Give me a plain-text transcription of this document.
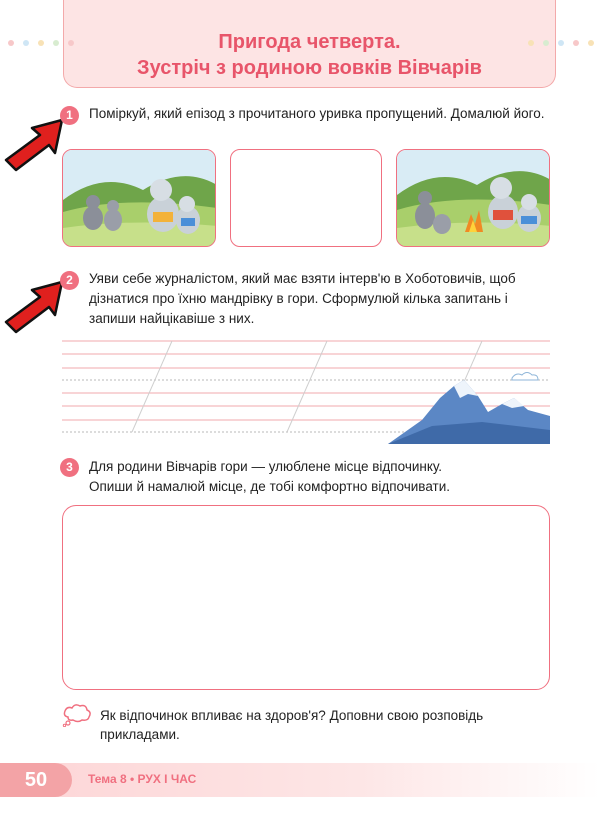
Пригода четверта.
Зустріч з родиною вовків Вівчарів
1	Поміркуй, який епізод з прочитаного уривка пропущений. Домалюй його.
2	Уяви себе журналістом, який має взяти інтерв'ю в Хоботовичів, щоб дізнатися про їхню мандрівку в гори. Сформулюй кілька запитань і запиши найцікавіше з них.
3	Для родини Вівчарів гори — улюблене місце відпочинку.
Опиши й намалюй місце, де тобі комфортно відпочивати.
Як відпочинок впливає на здоров'я? Доповни свою розповідь прикладами.
50	Тема 8 • РУХ І ЧАС
